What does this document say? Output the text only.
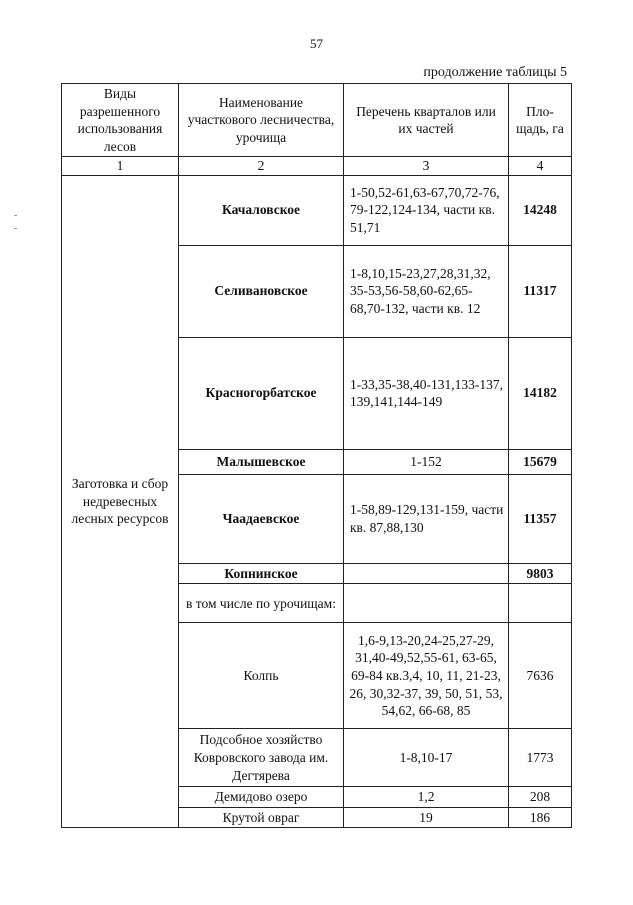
57
продолжение таблицы 5
Виды разрешенного использования лесов	Наименование участкового лесничества, урочища	Перечень кварталов или их частей	Пло-щадь, га
1	2	3	4
Заготовка и сбор недревесных лесных ресурсов	Качаловское	1-50,52-61,63-67,70,72-76, 79-122,124-134, части кв. 51,71	14248
	Селивановское	1-8,10,15-23,27,28,31,32, 35-53,56-58,60-62,65-68,70-132, части кв. 12	11317
	Красногорбатское	1-33,35-38,40-131,133-137, 139,141,144-149	14182
	Малышевское	1-152	15679
	Чаадаевское	1-58,89-129,131-159, части кв. 87,88,130	11357
	Копнинское		9803
	в том числе по урочищам:		
	Колпь	1,6-9,13-20,24-25,27-29, 31,40-49,52,55-61, 63-65, 69-84 кв.3,4, 10, 11, 21-23, 26, 30,32-37, 39, 50, 51, 53, 54,62, 66-68, 85	7636
	Подсобное хозяйство Ковровского завода им. Дегтярева	1-8,10-17	1773
	Демидово озеро	1,2	208
	Крутой овраг	19	186
